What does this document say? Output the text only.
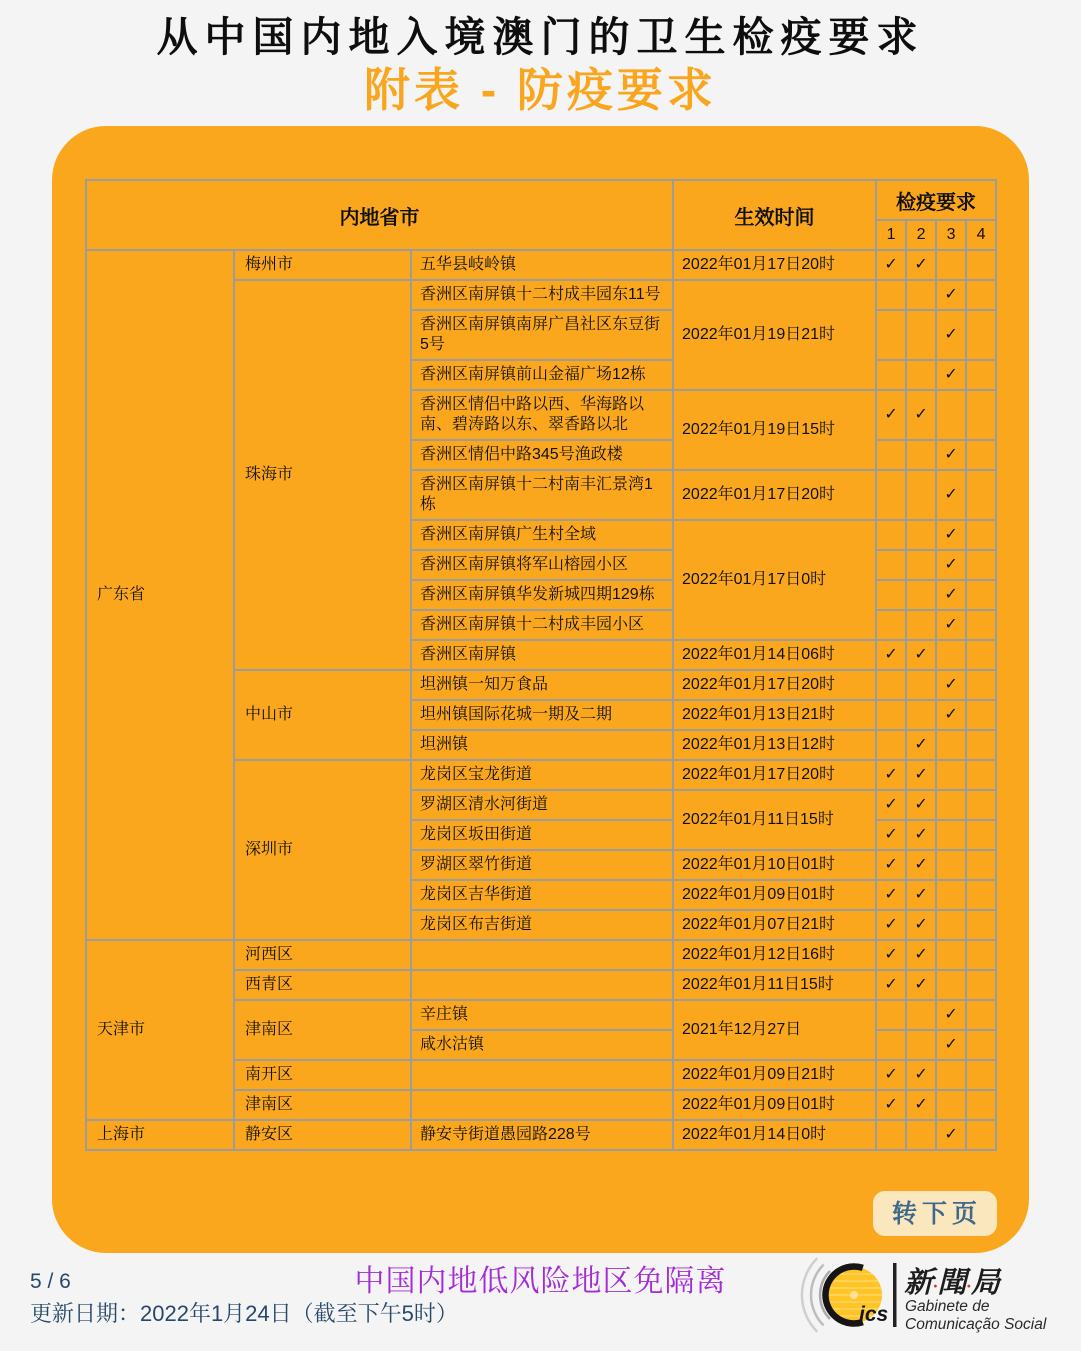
从中国内地入境澳门的卫生检疫要求
附表 - 防疫要求
内地省市			生效时间	检疫要求			
				1	2	3	4
广东省	梅州市	五华县岐岭镇	2022年01月17日20时	✓	✓		
	珠海市	香洲区南屏镇十二村成丰园东11号	2022年01月19日21时			✓	
		香洲区南屏镇南屏广昌社区东豆街5号				✓	
		香洲区南屏镇前山金福广场12栋				✓	
		香洲区情侣中路以西、华海路以南、碧涛路以东、翠香路以北	2022年01月19日15时	✓	✓		
		香洲区情侣中路345号渔政楼				✓	
		香洲区南屏镇十二村南丰汇景湾1栋	2022年01月17日20时			✓	
		香洲区南屏镇广生村全域	2022年01月17日0时			✓	
		香洲区南屏镇将军山榕园小区				✓	
		香洲区南屏镇华发新城四期129栋				✓	
		香洲区南屏镇十二村成丰园小区				✓	
		香洲区南屏镇	2022年01月14日06时	✓	✓		
	中山市	坦洲镇一知万食品	2022年01月17日20时			✓	
		坦州镇国际花城一期及二期	2022年01月13日21时			✓	
		坦洲镇	2022年01月13日12时		✓		
	深圳市	龙岗区宝龙街道	2022年01月17日20时	✓	✓		
		罗湖区清水河街道	2022年01月11日15时	✓	✓		
		龙岗区坂田街道		✓	✓		
		罗湖区翠竹街道	2022年01月10日01时	✓	✓		
		龙岗区吉华街道	2022年01月09日01时	✓	✓		
		龙岗区布吉街道	2022年01月07日21时	✓	✓		
天津市	河西区		2022年01月12日16时	✓	✓		
	西青区		2022年01月11日15时	✓	✓		
	津南区	辛庄镇	2021年12月27日			✓	
		咸水沽镇				✓	
	南开区		2022年01月09日21时	✓	✓		
	津南区		2022年01月09日01时	✓	✓		
上海市	静安区	静安寺街道愚园路228号	2022年01月14日0时			✓	
转下页
中国内地低风险地区免隔离
5 / 6
更新日期：2022年1月24日（截至下午5时）	ics
新·聞·局
Gabinete de
Comunicação Social
